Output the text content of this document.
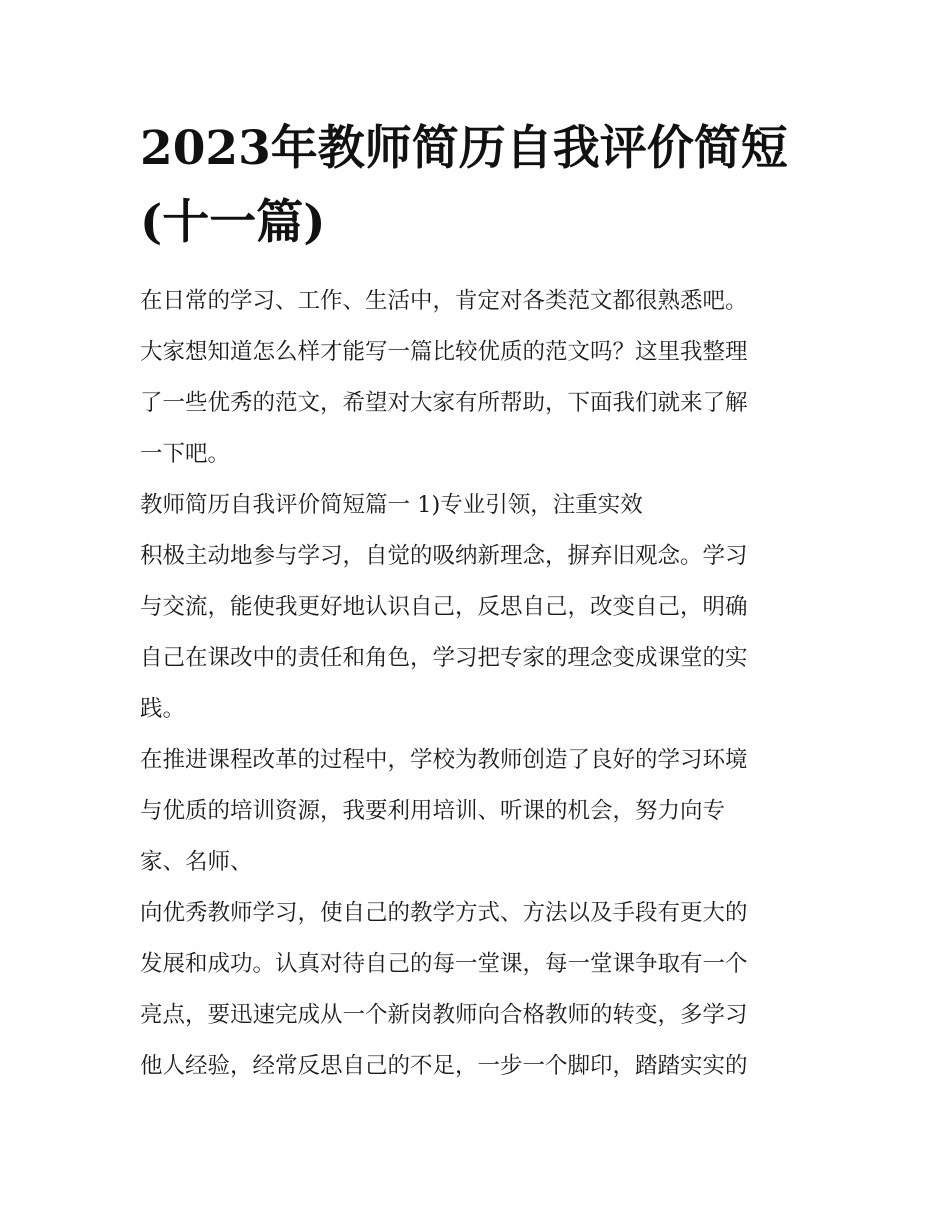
2023年教师简历自我评价简短
(十一篇)
在日常的学习、工作、生活中，肯定对各类范文都很熟悉吧。
大家想知道怎么样才能写一篇比较优质的范文吗？这里我整理
了一些优秀的范文，希望对大家有所帮助，下面我们就来了解
一下吧。
教师简历自我评价简短篇一 1)专业引领，注重实效
积极主动地参与学习，自觉的吸纳新理念，摒弃旧观念。学习
与交流，能使我更好地认识自己，反思自己，改变自己，明确
自己在课改中的责任和角色，学习把专家的理念变成课堂的实
践。
在推进课程改革的过程中，学校为教师创造了良好的学习环境
与优质的培训资源，我要利用培训、听课的机会，努力向专
家、名师、
向优秀教师学习，使自己的教学方式、方法以及手段有更大的
发展和成功。认真对待自己的每一堂课，每一堂课争取有一个
亮点，要迅速完成从一个新岗教师向合格教师的转变，多学习
他人经验，经常反思自己的不足，一步一个脚印，踏踏实实的
